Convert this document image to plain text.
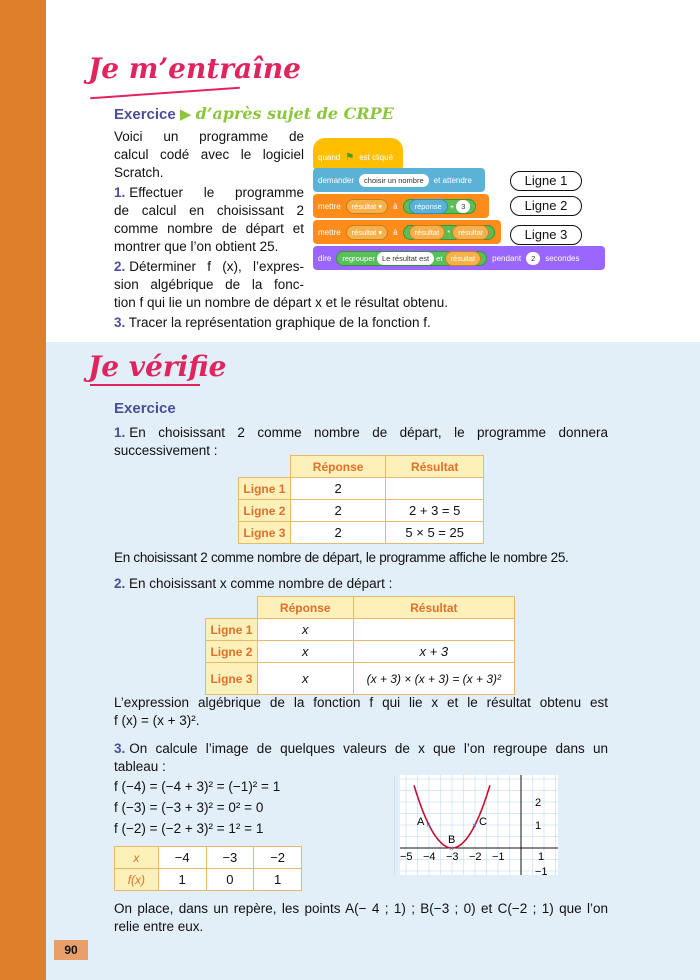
Je m’entraîne
Exercice ▶ d’après sujet de CRPE
Voici un programme de
calcul codé avec le logiciel
Scratch.
1. Effectuer le programme
de calcul en choisissant 2
comme nombre de départ et
montrer que l’on obtient 25.
2. Déterminer f (x), l’expres-
sion algébrique de la fonc-
tion f qui lie un nombre de départ x et le résultat obtenu.
3. Tracer la représentation graphique de la fonction f.
quand ⚑ est cliqué
demander	choisir un nombre	et attendre
mettre	résultat ▾	à	réponse + 3
mettre	résultat ▾	à	résultat * résultat
dire	regrouper Le résultat est et résultat	pendant	2	secondes
Ligne 1
Ligne 2
Ligne 3
Je vérifie
Exercice
1. En choisissant 2 comme nombre de départ, le programme donnera
successivement :
	Réponse	Résultat
Ligne 1	2	
Ligne 2	2	2 + 3 = 5
Ligne 3	2	5 × 5 = 25
En choisissant 2 comme nombre de départ, le programme affiche le nombre 25.
2. En choisissant x comme nombre de départ :
	Réponse	Résultat
Ligne 1	x	
Ligne 2	x	x + 3
Ligne 3	x	(x + 3) × (x + 3) = (x + 3)²
L’expression algébrique de la fonction f qui lie x et le résultat obtenu est
f (x) = (x + 3)².
3. On calcule l’image de quelques valeurs de x que l’on regroupe dans un
tableau :
f (−4) = (−4 + 3)² = (−1)² = 1
f (−3) = (−3 + 3)² = 0² = 0
f (−2) = (−2 + 3)² = 1² = 1
x	−4	−3	−2
f(x)	1	0	1
−5 −4 −3 −2 −1	1
2
1
−1
×
A
×
B
× C
On place, dans un repère, les points A(− 4 ; 1) ; B(−3 ; 0) et C(−2 ; 1) que l’on
relie entre eux.
90
